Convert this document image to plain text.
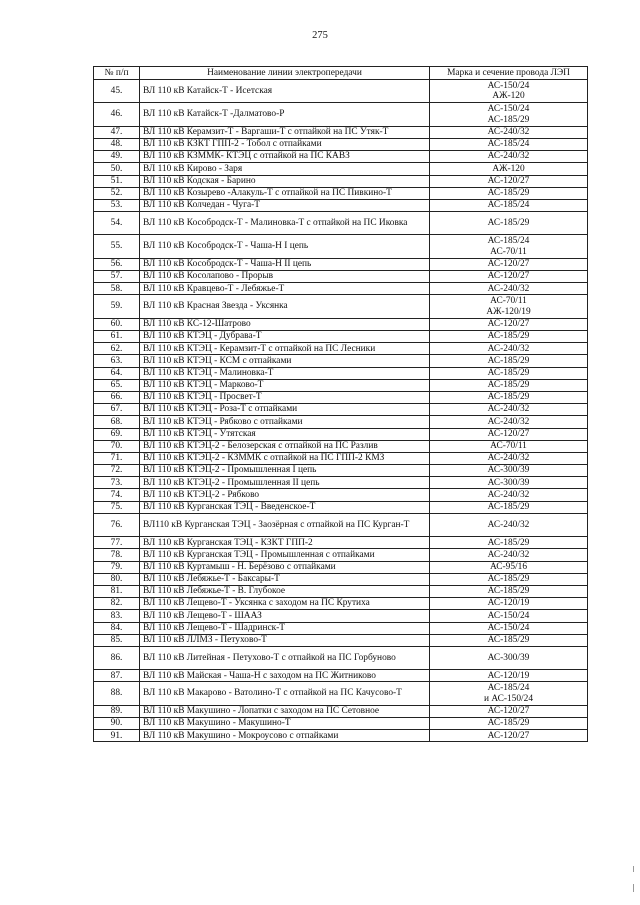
275
№ п/п	Наименование линии электропередачи	Марка и сечение провода ЛЭП
45.	ВЛ 110 кВ Катайск-Т - Исетская	АС-150/24
АЖ-120

46.	ВЛ 110 кВ Катайск-Т -Далматово-Р	АС-150/24
АС-185/29

47.	ВЛ 110 кВ Керамзит-Т - Варгаши-Т с отпайкой на ПС Утяк-Т	АС-240/32

48.	ВЛ 110 кВ КЗКТ ГПП-2 - Тобол с отпайками	АС-185/24

49.	ВЛ 110 кВ КЗММК- КТЭЦ с отпайкой на ПС КАВЗ	АС-240/32

50.	ВЛ 110 кВ Кирово - Заря	АЖ-120

51.	ВЛ 110 кВ Кодская - Барино	АС-120/27

52.	ВЛ 110 кВ Козырево -Алакуль-Т с отпайкой на ПС Пивкино-Т	АС-185/29

53.	ВЛ 110 кВ Колчедан - Чуга-Т	АС-185/24

54.	ВЛ 110 кВ Кособродск-Т - Малиновка-Т с отпайкой на ПС Иковка	АС-185/29

55.	ВЛ 110 кВ Кособродск-Т - Чаша-Н I цепь	АС-185/24
АС-70/11

56.	ВЛ 110 кВ Кособродск-Т - Чаша-Н II цепь	АС-120/27

57.	ВЛ 110 кВ Косолапово - Прорыв	АС-120/27

58.	ВЛ 110 кВ Кравцево-Т - Лебяжье-Т	АС-240/32

59.	ВЛ 110 кВ Красная Звезда - Уксянка	АС-70/11
АЖ-120/19

60.	ВЛ 110 кВ КС-12-Шатрово	АС-120/27

61.	ВЛ 110 кВ КТЭЦ - Дубрава-Т	АС-185/29

62.	ВЛ 110 кВ КТЭЦ - Керамзит-Т с отпайкой на ПС Лесники	АС-240/32

63.	ВЛ 110 кВ КТЭЦ - КСМ с отпайками	АС-185/29

64.	ВЛ 110 кВ КТЭЦ - Малиновка-Т	АС-185/29

65.	ВЛ 110 кВ КТЭЦ - Марково-Т	АС-185/29

66.	ВЛ 110 кВ КТЭЦ - Просвет-Т	АС-185/29

67.	ВЛ 110 кВ КТЭЦ - Роза-Т с отпайками	АС-240/32

68.	ВЛ 110 кВ КТЭЦ - Рябково с отпайками	АС-240/32

69.	ВЛ 110 кВ КТЭЦ - Утятская	АС-120/27

70.	ВЛ 110 кВ КТЭЦ-2 - Белозерская с отпайкой на ПС Разлив	АС-70/11

71.	ВЛ 110 кВ КТЭЦ-2 - КЗММК с отпайкой на ПС ГПП-2 КМЗ	АС-240/32

72.	ВЛ 110 кВ КТЭЦ-2 - Промышленная I цепь	АС-300/39

73.	ВЛ 110 кВ КТЭЦ-2 - Промышленная II цепь	АС-300/39

74.	ВЛ 110 кВ КТЭЦ-2 - Рябково	АС-240/32

75.	ВЛ 110 кВ Курганская ТЭЦ - Введенское-Т	АС-185/29

76.	ВЛ110 кВ Курганская ТЭЦ - Заозёрная с отпайкой на ПС Курган-Т	АС-240/32

77.	ВЛ 110 кВ Курганская ТЭЦ - КЗКТ ГПП-2	АС-185/29

78.	ВЛ 110 кВ Курганская ТЭЦ - Промышленная с отпайками	АС-240/32

79.	ВЛ 110 кВ Куртамыш - Н. Берёзово с отпайками	АС-95/16

80.	ВЛ 110 кВ Лебяжье-Т - Баксары-Т	АС-185/29

81.	ВЛ 110 кВ Лебяжье-Т - В. Глубокое	АС-185/29

82.	ВЛ 110 кВ Лещево-Т - Уксянка с заходом на ПС Крутиха	АС-120/19

83.	ВЛ 110 кВ Лещево-Т - ШААЗ	АС-150/24

84.	ВЛ 110 кВ Лещево-Т - Шадринск-Т	АС-150/24

85.	ВЛ 110 кВ ЛЛМЗ - Петухово-Т	АС-185/29

86.	ВЛ 110 кВ Литейная - Петухово-Т с отпайкой на ПС Горбуново	АС-300/39

87.	ВЛ 110 кВ Майская - Чаша-Н с заходом на ПС Житниково	АС-120/19

88.	ВЛ 110 кВ Макарово - Ватолино-Т с отпайкой на ПС Качусово-Т	АС-185/24
и АС-150/24

89.	ВЛ 110 кВ Макушино - Лопатки с заходом на ПС Сетовное	АС-120/27

90.	ВЛ 110 кВ Макушино - Макушино-Т	АС-185/29

91.	ВЛ 110 кВ Макушино - Мокроусово с отпайками	АС-120/27
